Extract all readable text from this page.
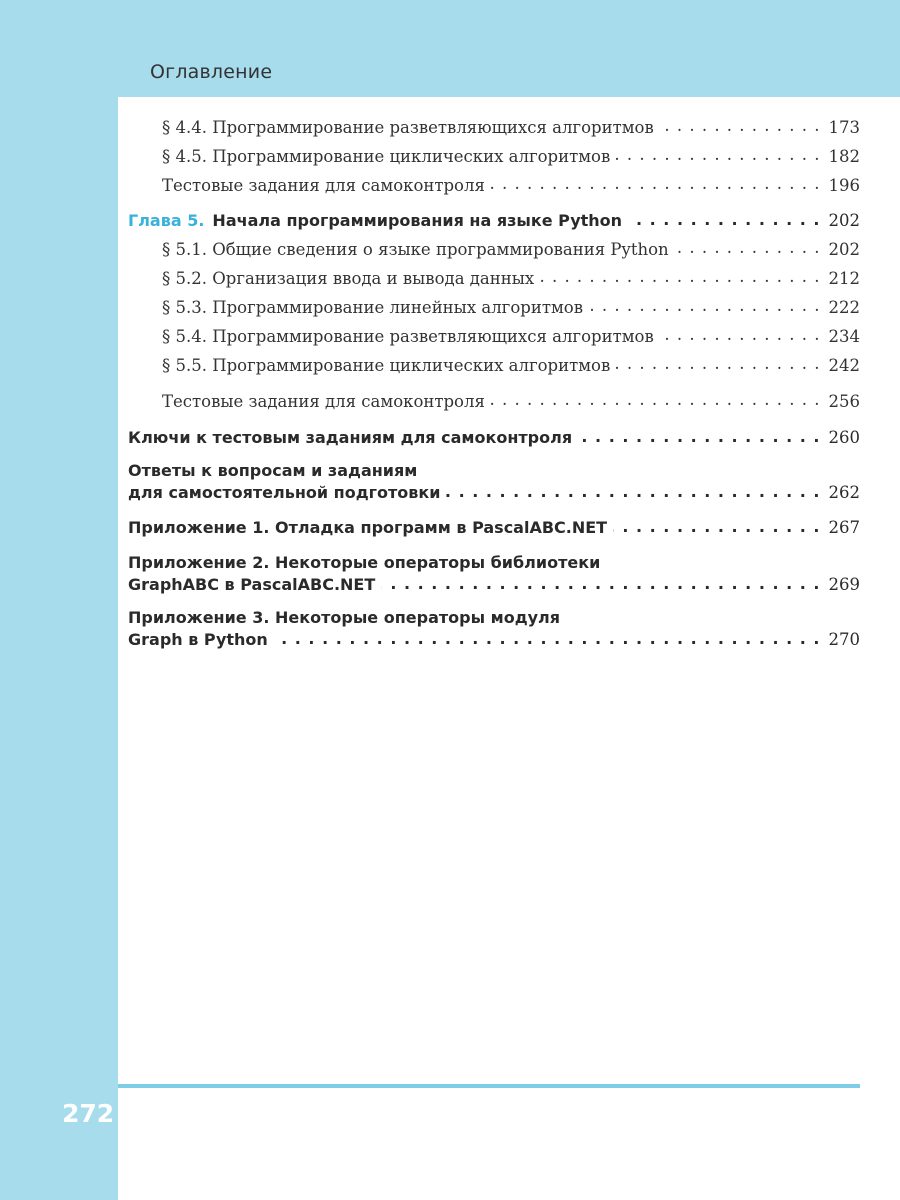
Оглавление
§ 4.4. Программирование разветвляющихся алгоритмов . . .	173
§ 4.5. Программирование циклических алгоритмов . . .	182
Тестовые задания для самоконтроля . . .	196
Глава 5. Начала программирования на языке Python . . .	202
§ 5.1. Общие сведения о языке программирования Python . . .	202
§ 5.2. Организация ввода и вывода данных . . .	212
§ 5.3. Программирование линейных алгоритмов . . .	222
§ 5.4. Программирование разветвляющихся алгоритмов . . .	234
§ 5.5. Программирование циклических алгоритмов . . .	242
Тестовые задания для самоконтроля . . .	256
Ключи к тестовым заданиям для самоконтроля . . .	260
Ответы к вопросам и заданиям
для самостоятельной подготовки . . .	262
Приложение 1. Отладка программ в PascalABC.NET . . .	267
Приложение 2. Некоторые операторы библиотеки
GraphABC в PascalABC.NET . . .	269
Приложение 3. Некоторые операторы модуля
Graph в Python . . .	270
272
